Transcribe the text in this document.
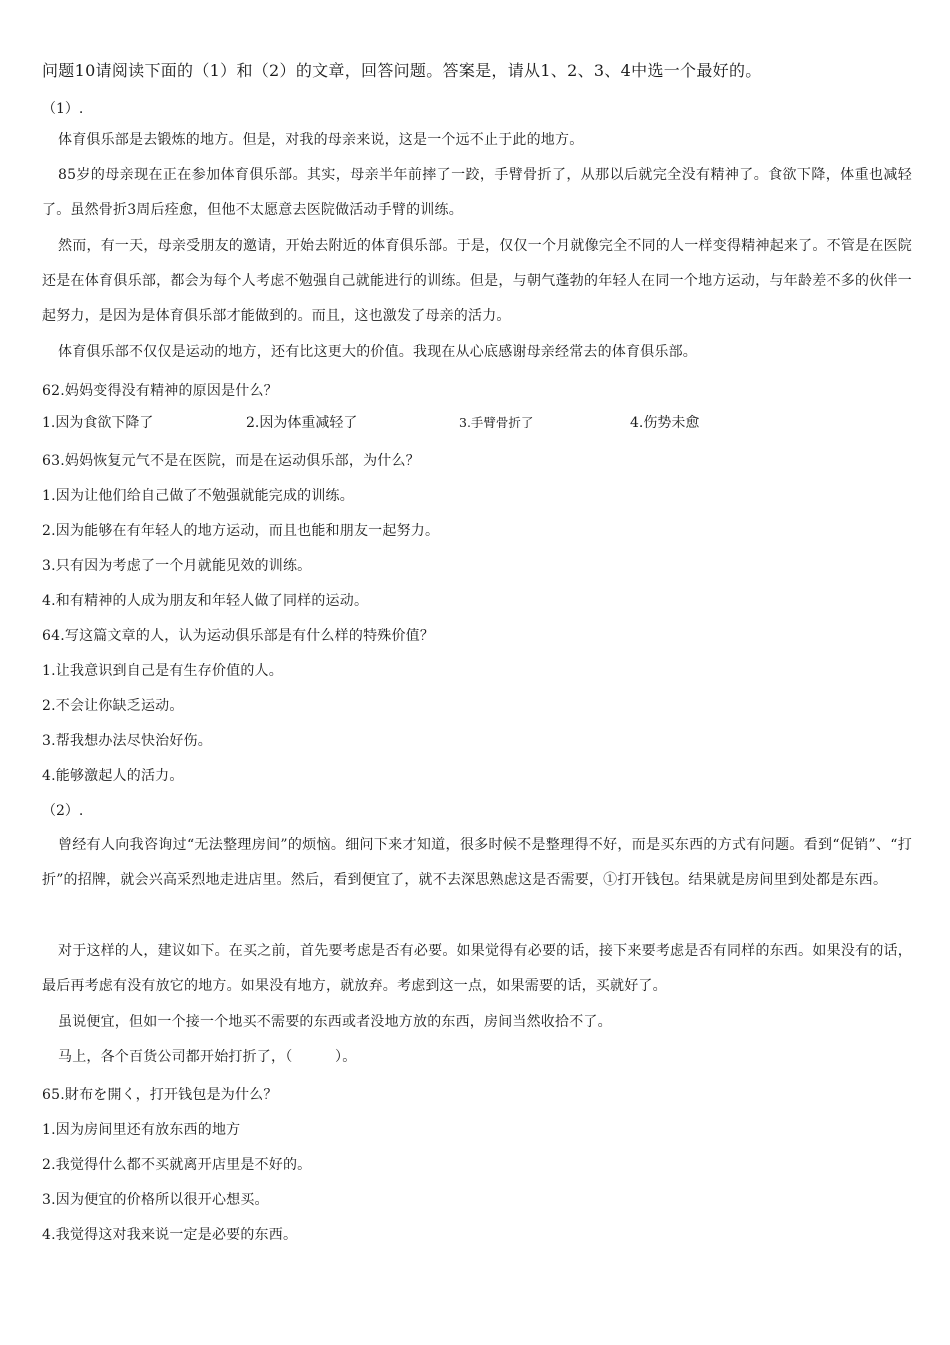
问题10请阅读下面的（1）和（2）的文章，回答问题。答案是，请从1、2、3、4中选一个最好的。
（1）.
体育俱乐部是去锻炼的地方。但是，对我的母亲来说，这是一个远不止于此的地方。
85岁的母亲现在正在参加体育俱乐部。其实，母亲半年前摔了一跤，手臂骨折了，从那以后就完全没有精神了。食欲下降，体重也减轻了。虽然骨折3周后痊愈，但他不太愿意去医院做活动手臂的训练。
然而，有一天，母亲受朋友的邀请，开始去附近的体育俱乐部。于是，仅仅一个月就像完全不同的人一样变得精神起来了。不管是在医院还是在体育俱乐部，都会为每个人考虑不勉强自己就能进行的训练。但是，与朝气蓬勃的年轻人在同一个地方运动，与年龄差不多的伙伴一起努力，是因为是体育俱乐部才能做到的。而且，这也激发了母亲的活力。
体育俱乐部不仅仅是运动的地方，还有比这更大的价值。我现在从心底感谢母亲经常去的体育俱乐部。
62.妈妈变得没有精神的原因是什么？
1.因为食欲下降了	2.因为体重减轻了	3.手臂骨折了	4.伤势未愈
63.妈妈恢复元气不是在医院，而是在运动俱乐部，为什么？
1.因为让他们给自己做了不勉强就能完成的训练。
2.因为能够在有年轻人的地方运动，而且也能和朋友一起努力。
3.只有因为考虑了一个月就能见效的训练。
4.和有精神的人成为朋友和年轻人做了同样的运动。
64.写这篇文章的人，认为运动俱乐部是有什么样的特殊价值？
1.让我意识到自己是有生存价值的人。
2.不会让你缺乏运动。
3.帮我想办法尽快治好伤。
4.能够激起人的活力。
（2）.
曾经有人向我咨询过“无法整理房间”的烦恼。细问下来才知道，很多时候不是整理得不好，而是买东西的方式有问题。看到“促销”、“打折”的招牌，就会兴高采烈地走进店里。然后，看到便宜了，就不去深思熟虑这是否需要，①打开钱包。结果就是房间里到处都是东西。
对于这样的人，建议如下。在买之前，首先要考虑是否有必要。如果觉得有必要的话，接下来要考虑是否有同样的东西。如果没有的话，最后再考虑有没有放它的地方。如果没有地方，就放弃。考虑到这一点，如果需要的话，买就好了。
虽说便宜，但如一个接一个地买不需要的东西或者没地方放的东西，房间当然收拾不了。
马上，各个百货公司都开始打折了，（　　　）。
65.財布を開く，打开钱包是为什么？
1.因为房间里还有放东西的地方
2.我觉得什么都不买就离开店里是不好的。
3.因为便宜的价格所以很开心想买。
4.我觉得这对我来说一定是必要的东西。
